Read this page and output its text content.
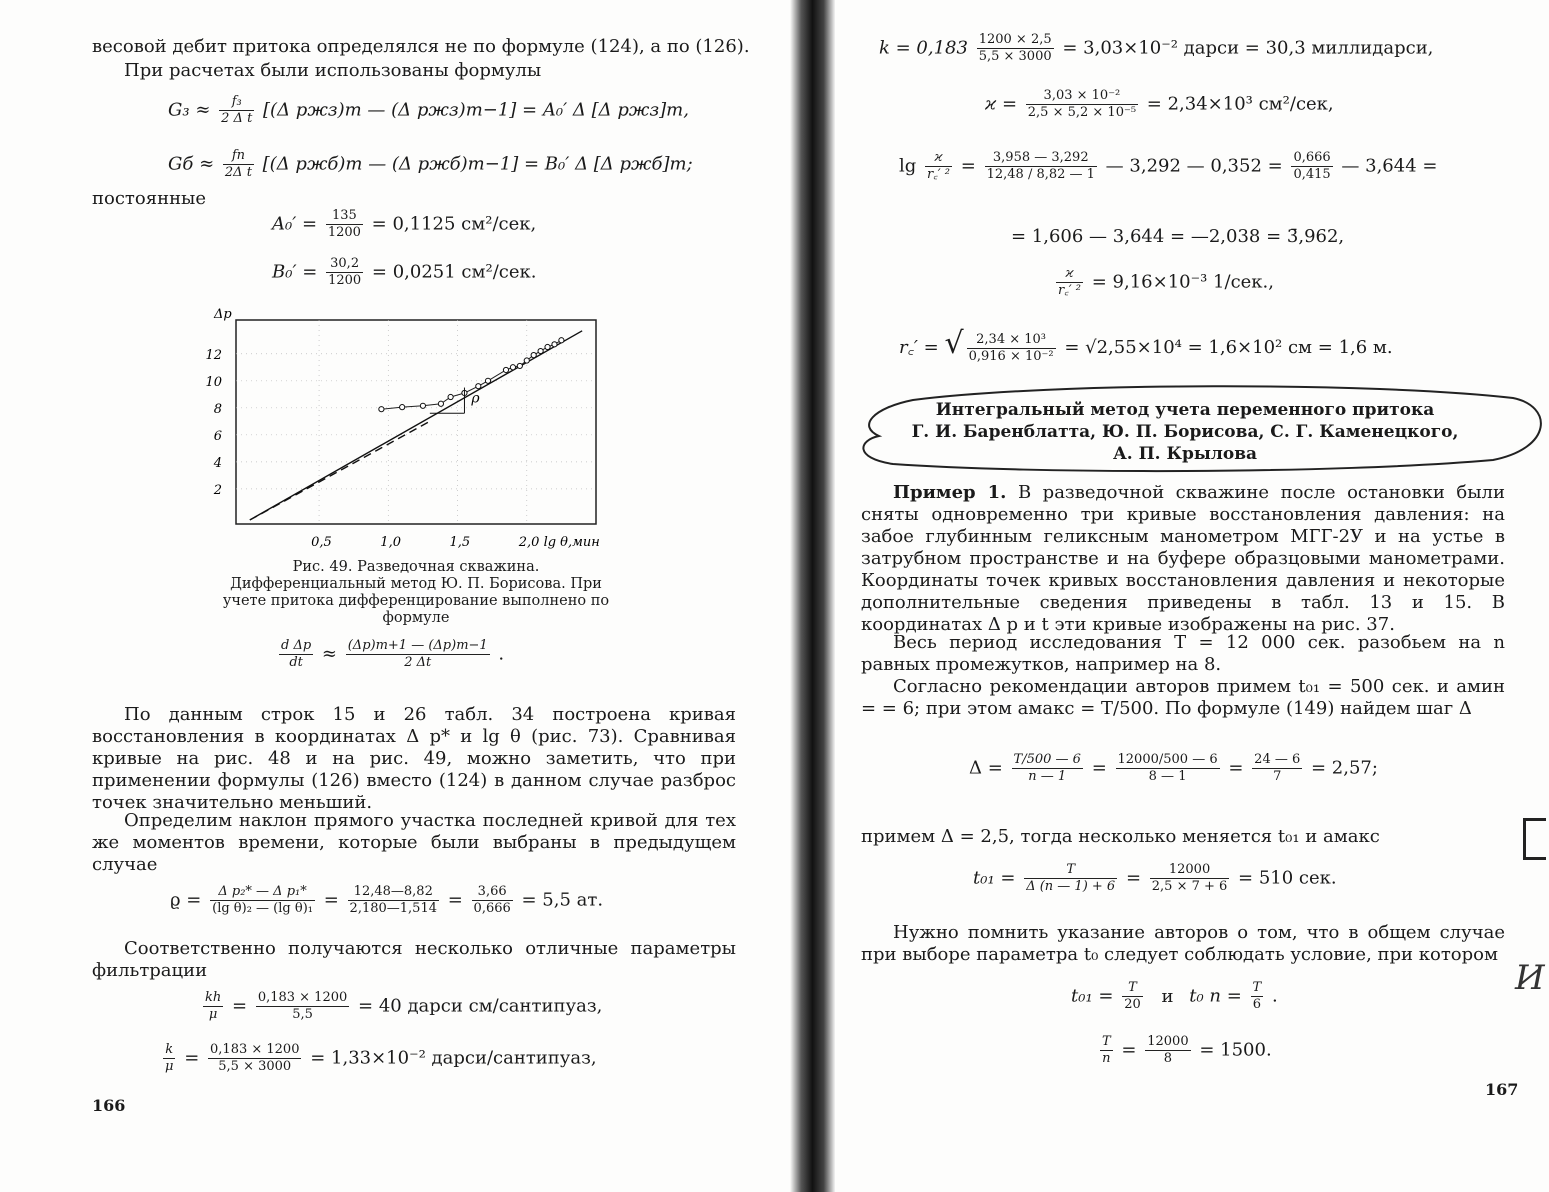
весовой дебит притока определялся не по формуле (124), а по (126).
При расчетах были использованы формулы
$G_3 \approx \frac{\text{f₃}}{\text{2 Δ t}} [(\Delta$ pжз)m — (Δ pжз)m−1] = A₀′ Δ [Δ pжз]m,
Gб ≈ $\frac{fп}{\text{2Δ t}} [(\Delta$ pжб)m — (Δ pжб)m−1] = B₀′ Δ [Δ pжб]m;
постоянные
$A_0' = \frac{135}{1200} = 0,1125$ см²/сек,
$B_0' = \frac{30,2}{1200} = 0,0251$ см²/сек.
2
4
6
8
10
12
0,5	1,0	1,5	2,0 lg θ,мин
Δp
ρ
Рис. 49. Разведочная скважина. Дифференциальный метод Ю. П. Борисова. При учете притока дифференцирование выполнено по формуле
$\frac{\text{d Δp}}{dt} \approx \frac{(\Delta p)m+1 — (\Delta p)m-1}{2 \Delta t}$ .
По данным строк 15 и 26 табл. 34 построена кривая восстановления в координатах Δ p* и lg θ (рис. 73). Сравнивая кривые на рис. 48 и на рис. 49, можно заметить, что при применении формулы (126) вместо (124) в данном случае разброс точек значительно меньший.
Определим наклон прямого участка последней кривой для тех же моментов времени, которые были выбраны в предыдущем случае
$ϱ = \frac{\text{Δ p₂* — Δ p₁*}}{\text{(lg θ)₂ — (lg θ)₁}} = \frac{12,48—8,82}{2,180—1,514} = \frac{3,66}{0,666} = 5,5$ ат.
Соответственно получаются несколько отличные параметры фильтрации
$\frac{kh}{\mu} = \frac{0,183 \times 1200}{5,5} = 40$ дарси см/сантипуаз,
$\frac{k}{\mu} = \frac{0,183 \times 1200}{5,5 \times 3000} = 1,33\times 10^{-2}$ дарси/сантипуаз,
166
$k = 0,183 \frac{1200 \times 2,5}{5,5 \times 3000} = 3,03\times 10^{-2}$ дарси = 30,3 миллидарси,
$ϰ = \frac{\text{3,03 × 10⁻²}}{\text{2,5 × 5,2 × 10⁻⁵}} = 2,34\times 10^3$ см²/сек,
$\lg \frac{ϰ}{\text{r꜀′ ²}} = \frac{3,958 — 3,292}{12,48 / 8,82 — 1}$ — 3,292 — $0,352 = \frac{0,666}{0,415}$ — 3,644 =
= 1,606 — 3,644 = —2,038 = 3̄,962,
$\frac{ϰ}{\text{r꜀′ ²}} = 9,16\times 10^{-3}$ 1/сек.,
r꜀′ = √ $\frac{\text{2,34 × 10³}}{\text{0,916 × 10⁻²}} = √2,55\times 10^4 = 1,6\times 10^2$ см = 1,6 м.
Интегральный метод учета переменного притока
Г. И. Баренблатта, Ю. П. Борисова, С. Г. Каменецкого,
А. П. Крылова
Пример 1. В разведочной скважине после остановки были сняты одновременно три кривые восстановления давления: на забое глубинным геликсным манометром МГГ-2У и на устье в затрубном пространстве и на буфере образцовыми манометрами. Координаты точек кривых восстановления давления и некоторые дополнительные сведения приведены в табл. 13 и 15. В координатах Δ p и t эти кривые изображены на рис. 37.
Весь период исследования T = 12 000 сек. разобьем на n равных промежутков, например на 8.
Согласно рекомендации авторов примем t₀₁ = 500 сек. и aмин = = 6; при этом aмакс = T/500. По формуле (149) найдем шаг Δ
$\Delta = \frac{T/500 — 6}{n — 1} = \frac{12000/500 — 6}{8 — 1} = \frac{24 — 6}{7} = 2,57$;
примем Δ = 2,5, тогда несколько меняется t₀₁ и aмакс
$t_{01} = \frac{T}{\Delta (n — 1) + 6} = \frac{12000}{2,5 \times 7 + 6} = 510$ сек.
Нужно помнить указание авторов о том, что в общем случае при выборе параметра t₀ следует соблюдать условие, при котором
$t_{01} = \frac{T}{20}$ и t₀ $n = \frac{T}{6}$ .
$\frac{T}{n} = \frac{12000}{8} = 1500$.
167
И
